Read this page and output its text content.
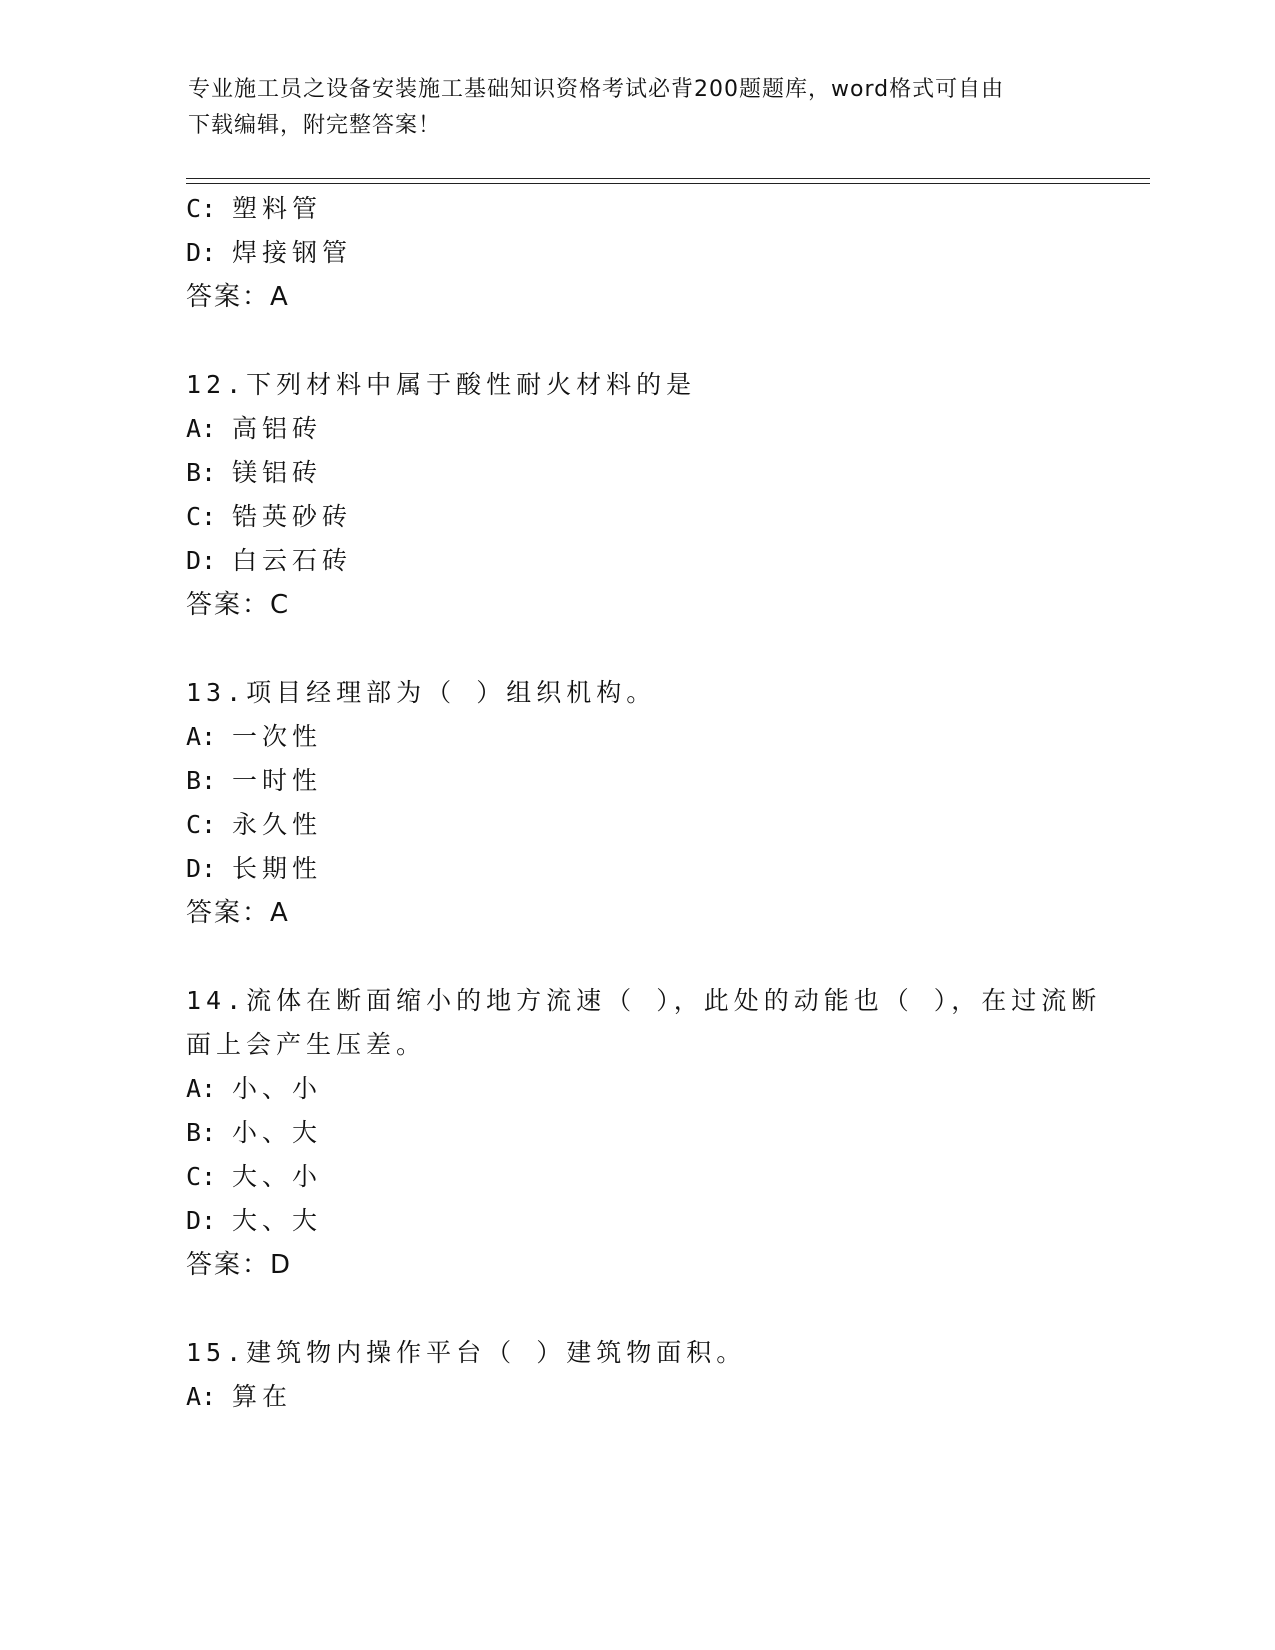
专业施工员之设备安装施工基础知识资格考试必背200题题库，word格式可自由
下载编辑，附完整答案！
C: 塑料管
D: 焊接钢管
答案：A
12.下列材料中属于酸性耐火材料的是
A: 高铝砖
B: 镁铝砖
C: 锆英砂砖
D: 白云石砖
答案：C
13.项目经理部为（ ）组织机构。
A: 一次性
B: 一时性
C: 永久性
D: 长期性
答案：A
14.流体在断面缩小的地方流速（ ），此处的动能也（ ），在过流断
面上会产生压差。
A: 小、小
B: 小、大
C: 大、小
D: 大、大
答案：D
15.建筑物内操作平台（ ）建筑物面积。
A: 算在
